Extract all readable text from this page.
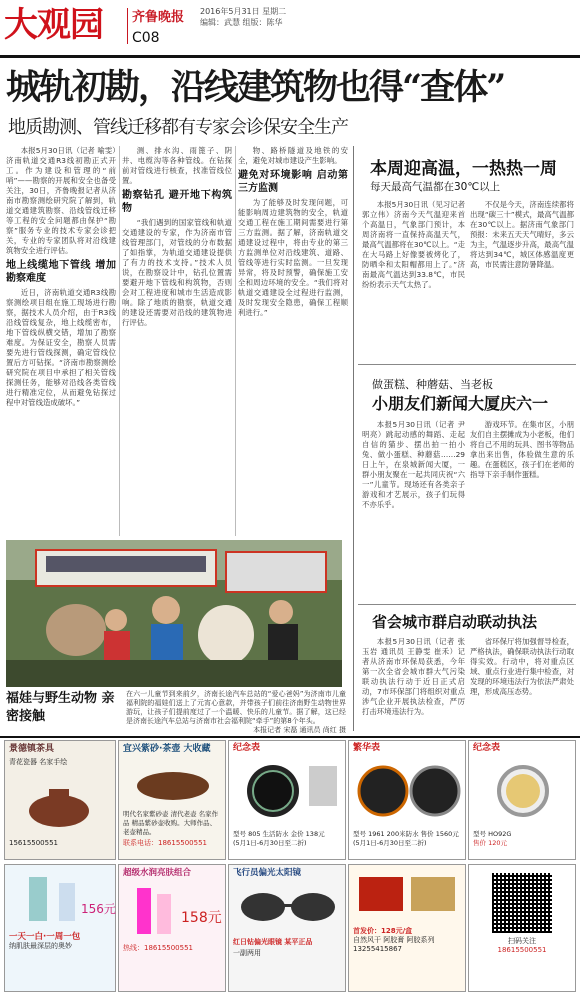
大观园	齐鲁晚报 2016年5月31日 星期二
编辑：武慧 组版：陈华
C08
城轨初勘，沿线建筑物也得“查体”
地质勘测、管线迁移都有专家会诊保安全生产

本报5月30日讯（记者 喻雯）济南轨道交通R3线初勘正式开工。作为建设和管理的“前哨”——勘察的开展和安全也备受关注，30日，齐鲁晚报记者从济南市勘察测绘研究院了解到，轨道交通建筑勘察、沿线管线迁移等工程的安全问题都由保护“勘察”服务专业的技术专家会诊把关，专业的专家团队将对沿线建筑物安全进行评估。

地上线缆地下管线 增加勘察难度

近日，济南轨道交通R3线勘察测绘项目组在施工现场进行勘察，据技术人员介绍，由于R3线沿线管线复杂，地上线缆密布，地下管线纵横交错，增加了勘察难度。为保证安全，勘察人员需要先进行管线探测，确定管线位置后方可钻探。“济南市勘察测绘研究院在项目中承担了相关管线探测任务，能够对沿线各类管线进行精准定位，从而避免钻探过程中对管线造成破坏。”

测、排水沟、雨篦子、阴井、电缆沟等各种管线。在钻探前对管线进行核查，找准管线位置。

勘察钻孔 避开地下构筑物

“我们遇到的国家管线和轨道交通建设的专家，作为济南市管线管理部门，对管线的分布数据了如指掌，为轨道交通建设提供了有力的技术支持。”技术人员说，在勘察设计中，钻孔位置需要避开地下管线和构筑物，否则会对工程进度和城市生活造成影响。除了地质的勘察，轨道交通的建设还需要对沿线的建筑物进行评估。

物、路桥隧道及地铁的安全，避免对城市建设产生影响。

避免对环境影响 启动第三方监测

为了能够及时发现问题，可能影响周边建筑物的安全，轨道交通工程在施工期间需要进行第三方监测。据了解，济南轨道交通建设过程中，将由专业的第三方监测单位对沿线建筑、道路、管线等进行实时监测。一旦发现异常，将及时预警，确保施工安全和周边环境的安全。“我们将对轨道交通建设全过程进行监测，及时发现安全隐患，确保工程顺利进行。”

福娃与野生动物 亲密接触
在六一儿童节到来前夕，济南长途汽车总站的“爱心爸妈”为济南市儿童福利院的福娃们送上了元宵心意款，并带孩子们前往济南野生动物世界游玩，让孩子们提前度过了一个温暖、快乐的儿童节。据了解，这已经是济南长途汽车总站与济南市社会福利院“牵手”的第8个年头。
本报记者 宋磊 通讯员 尚红 摄
本周迎高温，一热热一周
每天最高气温都在30℃以上

本报5月30日讯（见习记者 郭立伟）济南今天气温迎来首个高温日，气象部门预计，本周济南将一直保持高温天气，最高气温都将在30℃以上。“走在大马路上好像要被烤化了，防晒伞和太阳帽都用上了。”济南最高气温达到33.8℃，市民纷纷表示天气太热了。

不仅是今天，济南连续都将出现“碳三十”模式，最高气温都在30℃以上。据济南气象部门预报：未来五天天气晴好，多云为主，气温逐步升高，最高气温将达到34℃，城区体感温度更高，市民需注意防暑降温。

做蛋糕、种蘑菇、当老板
小朋友们新闻大厦庆六一

本报5月30日讯（记者 尹明亮）跳起动感的舞蹈、走起自信的猫步、摆出拍一拍小兔、做小蛋糕、种蘑菇……29日上午，在泉城新闻大厦，一群小朋友聚在一起共同庆祝“六一”儿童节。现场还有各类亲子游戏和才艺展示，孩子们玩得不亦乐乎。

游戏环节。在集市区，小朋友们自主摆摊成为小老板，他们将自己不用的玩具、图书等物品拿出来出售，体验做生意的乐趣。在蛋糕区，孩子们在老师的指导下亲手制作蛋糕。

省会城市群启动联动执法

本报5月30日讯（记者 张玉岩 通讯员 王静雯 崔禾）记者从济南市环保局获悉，今年第一次全省会城市群大气污染联动执法行动于近日正式启动，7市环保部门将组织对重点涉气企业开展执法检查，严厉打击环境违法行为。

省环保厅将加强督导检查，严格执法，确保联动执法行动取得实效。行动中，将对重点区域、重点行业进行集中检查，对发现的环境违法行为依法严肃处理，形成高压态势。

景德镇茶具
青花瓷器 名家手绘
15615500551
宜兴紫砂·茶壶 大收藏
明代名家紫砂壶 清代老壶 名家作品 精品紫砂壶收购。大师作品、老壶精品。
联系电话：18615500551
纪念表
型号 805 生活防水 金价 138元
(5月1日-6月30日至二折)
繁华表
型号 1961 200米防水 售价 1560元
(5月1日-6月30日至二折)
纪念表
型号 HO92G
售价 120元
156元
一天一白·一周一包
纳肌肤最深层的奥妙
超级水润亮肤组合
158元
热线：18615500551
飞行员偏光太阳镜
红日钻偏光眼镜 某平正品
一副两用
首发价：128元/盒
自然风干 阿胶膏 阿胶系列
13255415867
扫码关注
18615500551
